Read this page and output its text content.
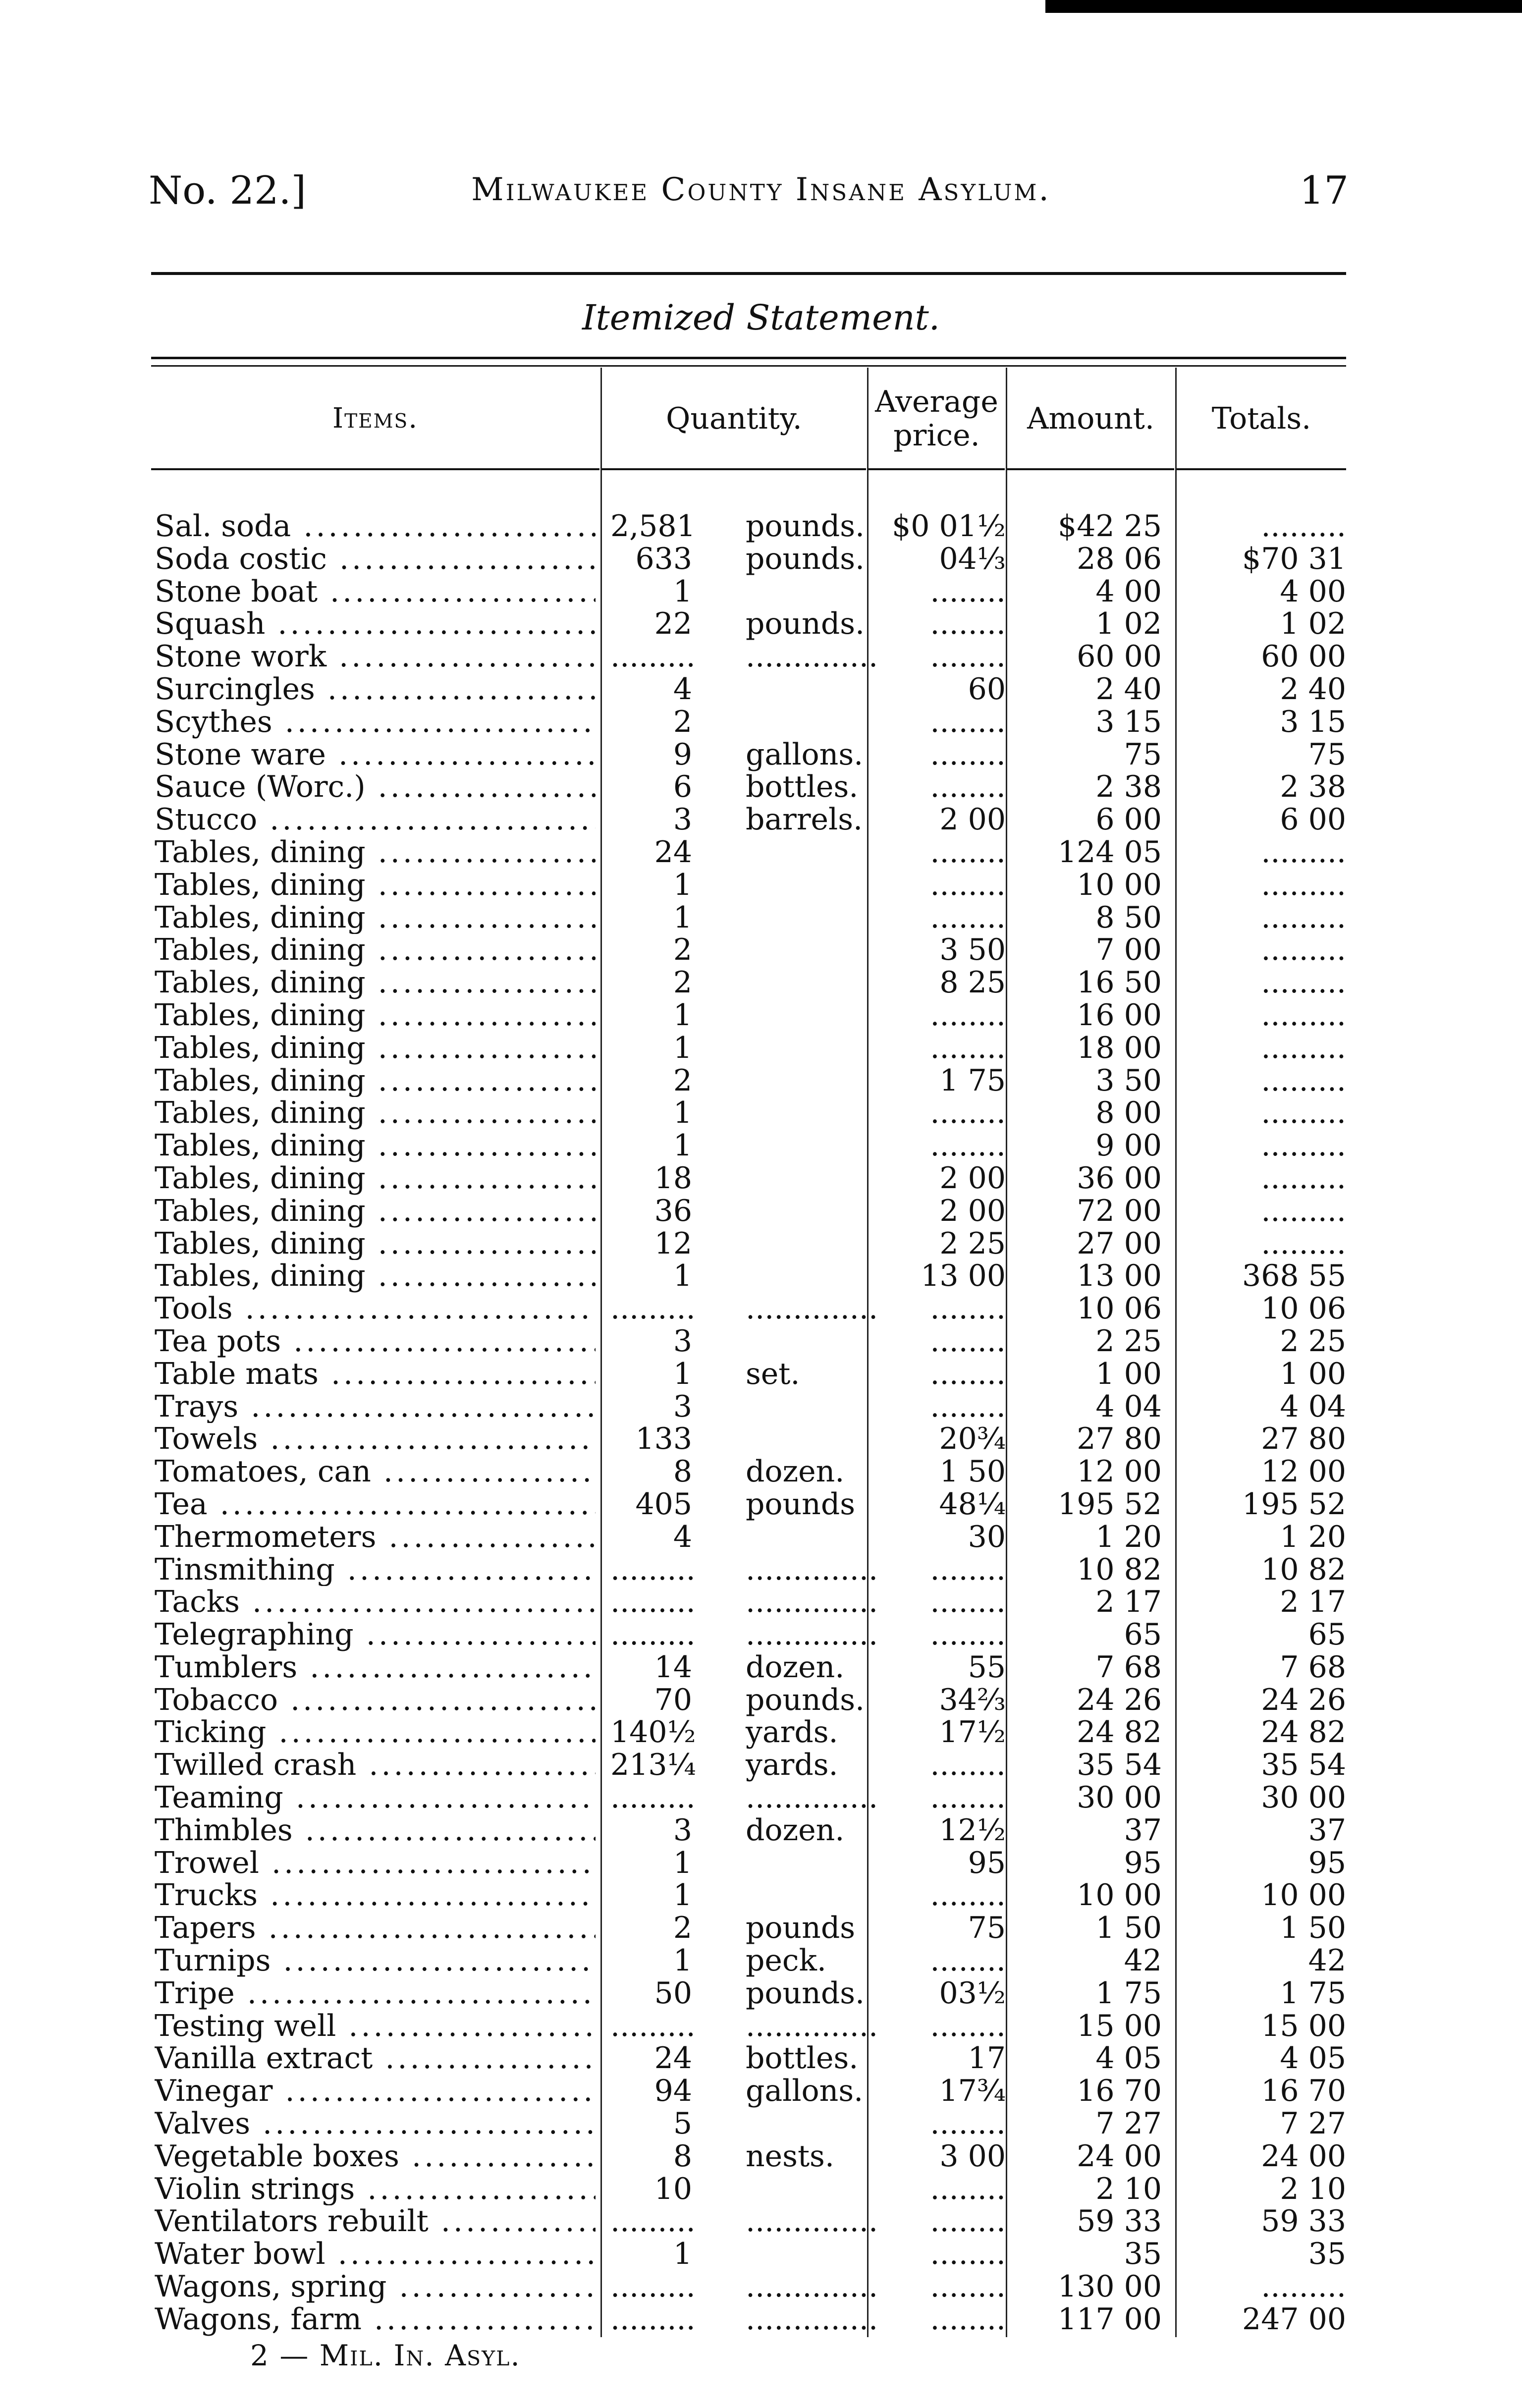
No. 22.]	Milwaukee County Insane Asylum.	17
Itemized Statement.
Items.	Quantity.	Average price.	Amount.	Totals.
Sal. soda .....	2,581 pounds. $0 01½	$42 25	.........
Soda costic .....	633 pounds.	04⅓	28 06	$70 31
Stone boat .....	1	........	4 00	4 00
Squash .....	22 pounds.	........	1 02	1 02
Stone work .....	......... ..............	........	60 00	60 00
Surcingles .....	4	60	2 40	2 40
Scythes .....	2	........	3 15	3 15
Stone ware .....	9 gallons.	........	75	75
Sauce (Worc.) .....	6 bottles.	........	2 38	2 38
Stucco .....	3 barrels.	2 00	6 00	6 00
Tables, dining .....	24	........	124 05	.........
Tables, dining .....	1	........	10 00	.........
Tables, dining .....	1	........	8 50	.........
Tables, dining .....	2	3 50	7 00	.........
Tables, dining .....	2	8 25	16 50	.........
Tables, dining .....	1	........	16 00	.........
Tables, dining .....	1	........	18 00	.........
Tables, dining .....	2	1 75	3 50	.........
Tables, dining .....	1	........	8 00	.........
Tables, dining .....	1	........	9 00	.........
Tables, dining .....	18	2 00	36 00	.........
Tables, dining .....	36	2 00	72 00	.........
Tables, dining .....	12	2 25	27 00	.........
Tables, dining .....	1	13 00	13 00	368 55
Tools .....	......... ..............	........	10 06	10 06
Tea pots .....	3	........	2 25	2 25
Table mats .....	1 set.	........	1 00	1 00
Trays .....	3	........	4 04	4 04
Towels .....	133	20¾	27 80	27 80
Tomatoes, can .....	8 dozen.	1 50	12 00	12 00
Tea .....	405 pounds	48¼	195 52	195 52
Thermometers .....	4	30	1 20	1 20
Tinsmithing .....	......... ..............	........	10 82	10 82
Tacks .....	......... ..............	........	2 17	2 17
Telegraphing .....	......... ..............	........	65	65
Tumblers .....	14 dozen.	55	7 68	7 68
Tobacco .....	70 pounds.	34⅔	24 26	24 26
Ticking .....	140½ yards.	17½	24 82	24 82
Twilled crash .....	213¼ yards.	........	35 54	35 54
Teaming .....	......... ..............	........	30 00	30 00
Thimbles .....	3 dozen.	12½	37	37
Trowel .....	1	95	95	95
Trucks .....	1	........	10 00	10 00
Tapers .....	2 pounds	75	1 50	1 50
Turnips .....	1 peck.	........	42	42
Tripe .....	50 pounds.	03½	1 75	1 75
Testing well .....	......... ..............	........	15 00	15 00
Vanilla extract .....	24 bottles.	17	4 05	4 05
Vinegar .....	94 gallons.	17¾	16 70	16 70
Valves .....	5	........	7 27	7 27
Vegetable boxes .....	8 nests.	3 00	24 00	24 00
Violin strings .....	10	........	2 10	2 10
Ventilators rebuilt .....	......... ..............	........	59 33	59 33
Water bowl .....	1	........	35	35
Wagons, spring .....	......... ..............	........	130 00	.........
Wagons, farm .....	......... ..............	........	117 00	247 00
2 — Mil. In. Asyl.
